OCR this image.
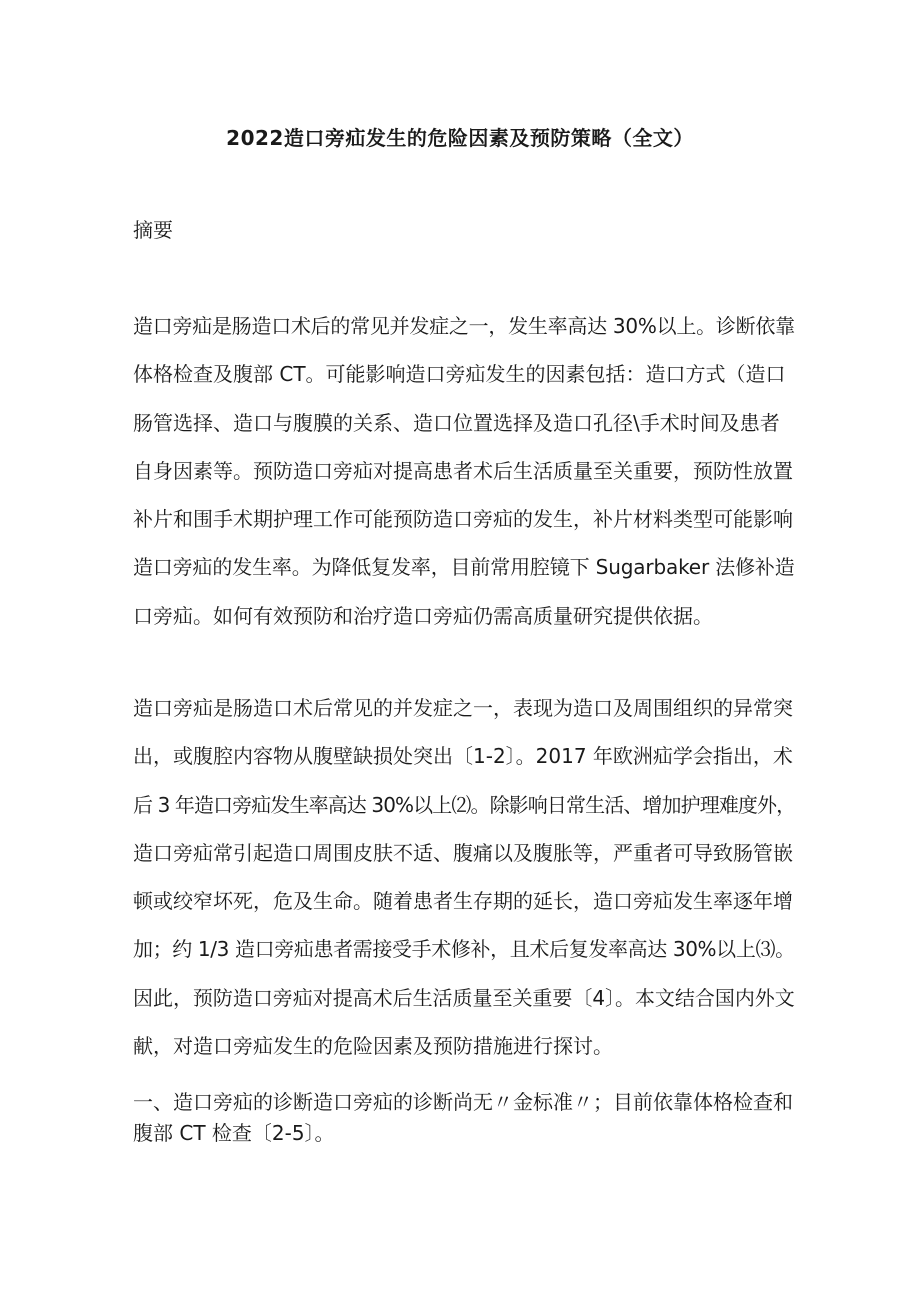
2022造口旁疝发生的危险因素及预防策略（全文）
摘要
造口旁疝是肠造口术后的常见并发症之一，发生率高达 30%以上。诊断依靠
体格检查及腹部 CT。可能影响造口旁疝发生的因素包括：造口方式（造口
肠管选择、造口与腹膜的关系、造口位置选择及造口孔径\手术时间及患者
自身因素等。预防造口旁疝对提高患者术后生活质量至关重要，预防性放置
补片和围手术期护理工作可能预防造口旁疝的发生，补片材料类型可能影响
造口旁疝的发生率。为降低复发率，目前常用腔镜下 Sugarbaker 法修补造
口旁疝。如何有效预防和治疗造口旁疝仍需高质量研究提供依据。
造口旁疝是肠造口术后常见的并发症之一，表现为造口及周围组织的异常突
出，或腹腔内容物从腹壁缺损处突出〔1-2〕。2017 年欧洲疝学会指出，术
后 3 年造口旁疝发生率高达 30%以上⑵。除影响日常生活、增加护理难度外，
造口旁疝常引起造口周围皮肤不适、腹痛以及腹胀等，严重者可导致肠管嵌
顿或绞窄坏死，危及生命。随着患者生存期的延长，造口旁疝发生率逐年增
加；约 1/3 造口旁疝患者需接受手术修补，且术后复发率高达 30%以上⑶。
因此，预防造口旁疝对提高术后生活质量至关重要〔4〕。本文结合国内外文
献，对造口旁疝发生的危险因素及预防措施进行探讨。
一、造口旁疝的诊断造口旁疝的诊断尚无〃金标准〃；目前依靠体格检查和
腹部 CT 检查〔2-5〕。
